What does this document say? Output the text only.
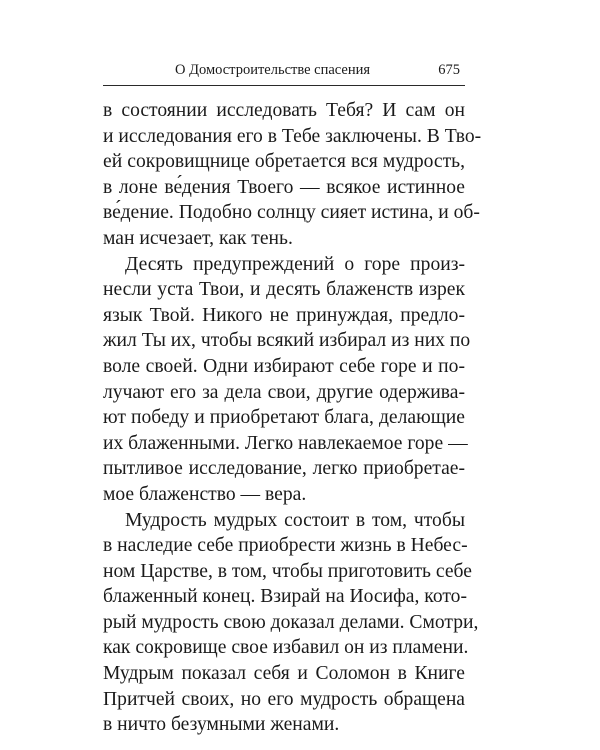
О Домостроительстве спасения	675
в состоянии исследовать Тебя? И сам он
и исследования его в Тебе заключены. В Тво-
ей сокровищнице обретается вся мудрость,
в лоне ве́дения Твоего — всякое истинное
ве́дение. Подобно солнцу сияет истина, и об-
ман исчезает, как тень.
Десять предупреждений о горе произ-
несли уста Твои, и десять блаженств изрек
язык Твой. Никого не принуждая, предло-
жил Ты их, чтобы всякий избирал из них по
воле своей. Одни избирают себе горе и по-
лучают его за дела свои, другие одержива-
ют победу и приобретают блага, делающие
их блаженными. Легко навлекаемое горе —
пытливое исследование, легко приобретае-
мое блаженство — вера.
Мудрость мудрых состоит в том, чтобы
в наследие себе приобрести жизнь в Небес-
ном Царстве, в том, чтобы приготовить себе
блаженный конец. Взирай на Иосифа, кото-
рый мудрость свою доказал делами. Смотри,
как сокровище свое избавил он из пламени.
Мудрым показал себя и Соломон в Книге
Притчей своих, но его мудрость обращена
в ничто безумными женами.
